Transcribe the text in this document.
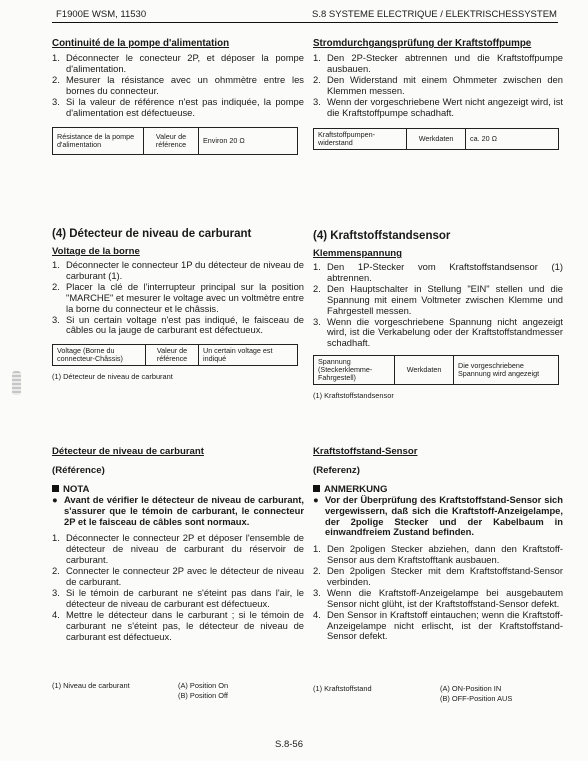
F1900E WSM, 11530	S.8 SYSTEME ELECTRIQUE / ELEKTRISCHESSYSTEM
Continuité de la pompe d'alimentation
1. Déconnecter le conecteur 2P, et déposer la pompe d'alimentation.
2. Mesurer la résistance avec un ohmmètre entre les bornes du connecteur.
3. Si la valeur de référence n'est pas indiquée, la pompe d'alimentation est défectueuse.
Résistance de la pompe d'alimentation	Valeur de référence	Environ 20 Ω
(4) Détecteur de niveau de carburant
Voltage de la borne
1. Déconnecter le connecteur 1P du détecteur de niveau de carburant (1).
2. Placer la clé de l'interrupteur principal sur la position "MARCHE" et mesurer le voltage avec un voltmètre entre la borne du connecteur et le châssis.
3. Si un certain voltage n'est pas indiqué, le faisceau de câbles ou la jauge de carburant est défectueux.
Voltage (Borne du connecteur-Châssis)	Valeur de référence	Un certain voltage est indiqué
(1) Détecteur de niveau de carburant
Détecteur de niveau de carburant
(Référence)
NOTA
● Avant de vérifier le détecteur de niveau de carburant, s'assurer que le témoin de carburant, le connecteur 2P et le faisceau de câbles sont normaux.
1. Déconnecter le connecteur 2P et déposer l'ensemble de détecteur de niveau de carburant du réservoir de carburant.
2. Connecter le connecteur 2P avec le détecteur de niveau de carburant.
3. Si le témoin de carburant ne s'éteint pas dans l'air, le détecteur de niveau de carburant est défectueux.
4. Mettre le détecteur dans le carburant ; si le témoin de carburant ne s'éteint pas, le détecteur de niveau de carburant est défectueux.
(1) Niveau de carburant	(A) Position On
(B) Position Off
Stromdurchgangsprüfung der Kraftstoffpumpe
1. Den 2P-Stecker abtrennen und die Kraftstoffpumpe ausbauen.
2. Den Widerstand mit einem Ohmmeter zwischen den Klemmen messen.
3. Wenn der vorgeschriebene Wert nicht angezeigt wird, ist die Kraftstoffpumpe schadhaft.
Kraftstoffpumpen-widerstand	Werkdaten	ca. 20 Ω
(4) Kraftstoffstandsensor
Klemmenspannung
1. Den 1P-Stecker vom Kraftstoffstandsensor (1) abtrennen.
2. Den Hauptschalter in Stellung "EIN" stellen und die Spannung mit einem Voltmeter zwischen Klemme und Fahrgestell messen.
3. Wenn die vorgeschriebene Spannung nicht angezeigt wird, ist die Verkabelung oder der Kraftstoffstandmesser schadhaft.
Spannung (Steckerklemme-Fahrgestell)	Werkdaten	Die vorgeschriebene Spannung wird angezeigt
(1) Kraftstoffstandsensor
Kraftstoffstand-Sensor
(Referenz)
ANMERKUNG
● Vor der Überprüfung des Kraftstoffstand-Sensor sich vergewissern, daß sich die Kraftstoff-Anzeigelampe, der 2polige Stecker und der Kabelbaum in einwandfreiem Zustand befinden.
1. Den 2poligen Stecker abziehen, dann den Kraftstoff-Sensor aus dem Kraftstofftank ausbauen.
2. Den 2poligen Stecker mit dem Kraftstoffstand-Sensor verbinden.
3. Wenn die Kraftstoff-Anzeigelampe bei ausgebautem Sensor nicht glüht, ist der Kraftstoffstand-Sensor defekt.
4. Den Sensor in Kraftstoff eintauchen; wenn die Kraftstoff-Anzeigelampe nicht erlischt, ist der Kraftstoffstand-Sensor defekt.
(1) Kraftstoffstand	(A) ON-Position IN
(B) OFF-Position AUS
S.8-56
